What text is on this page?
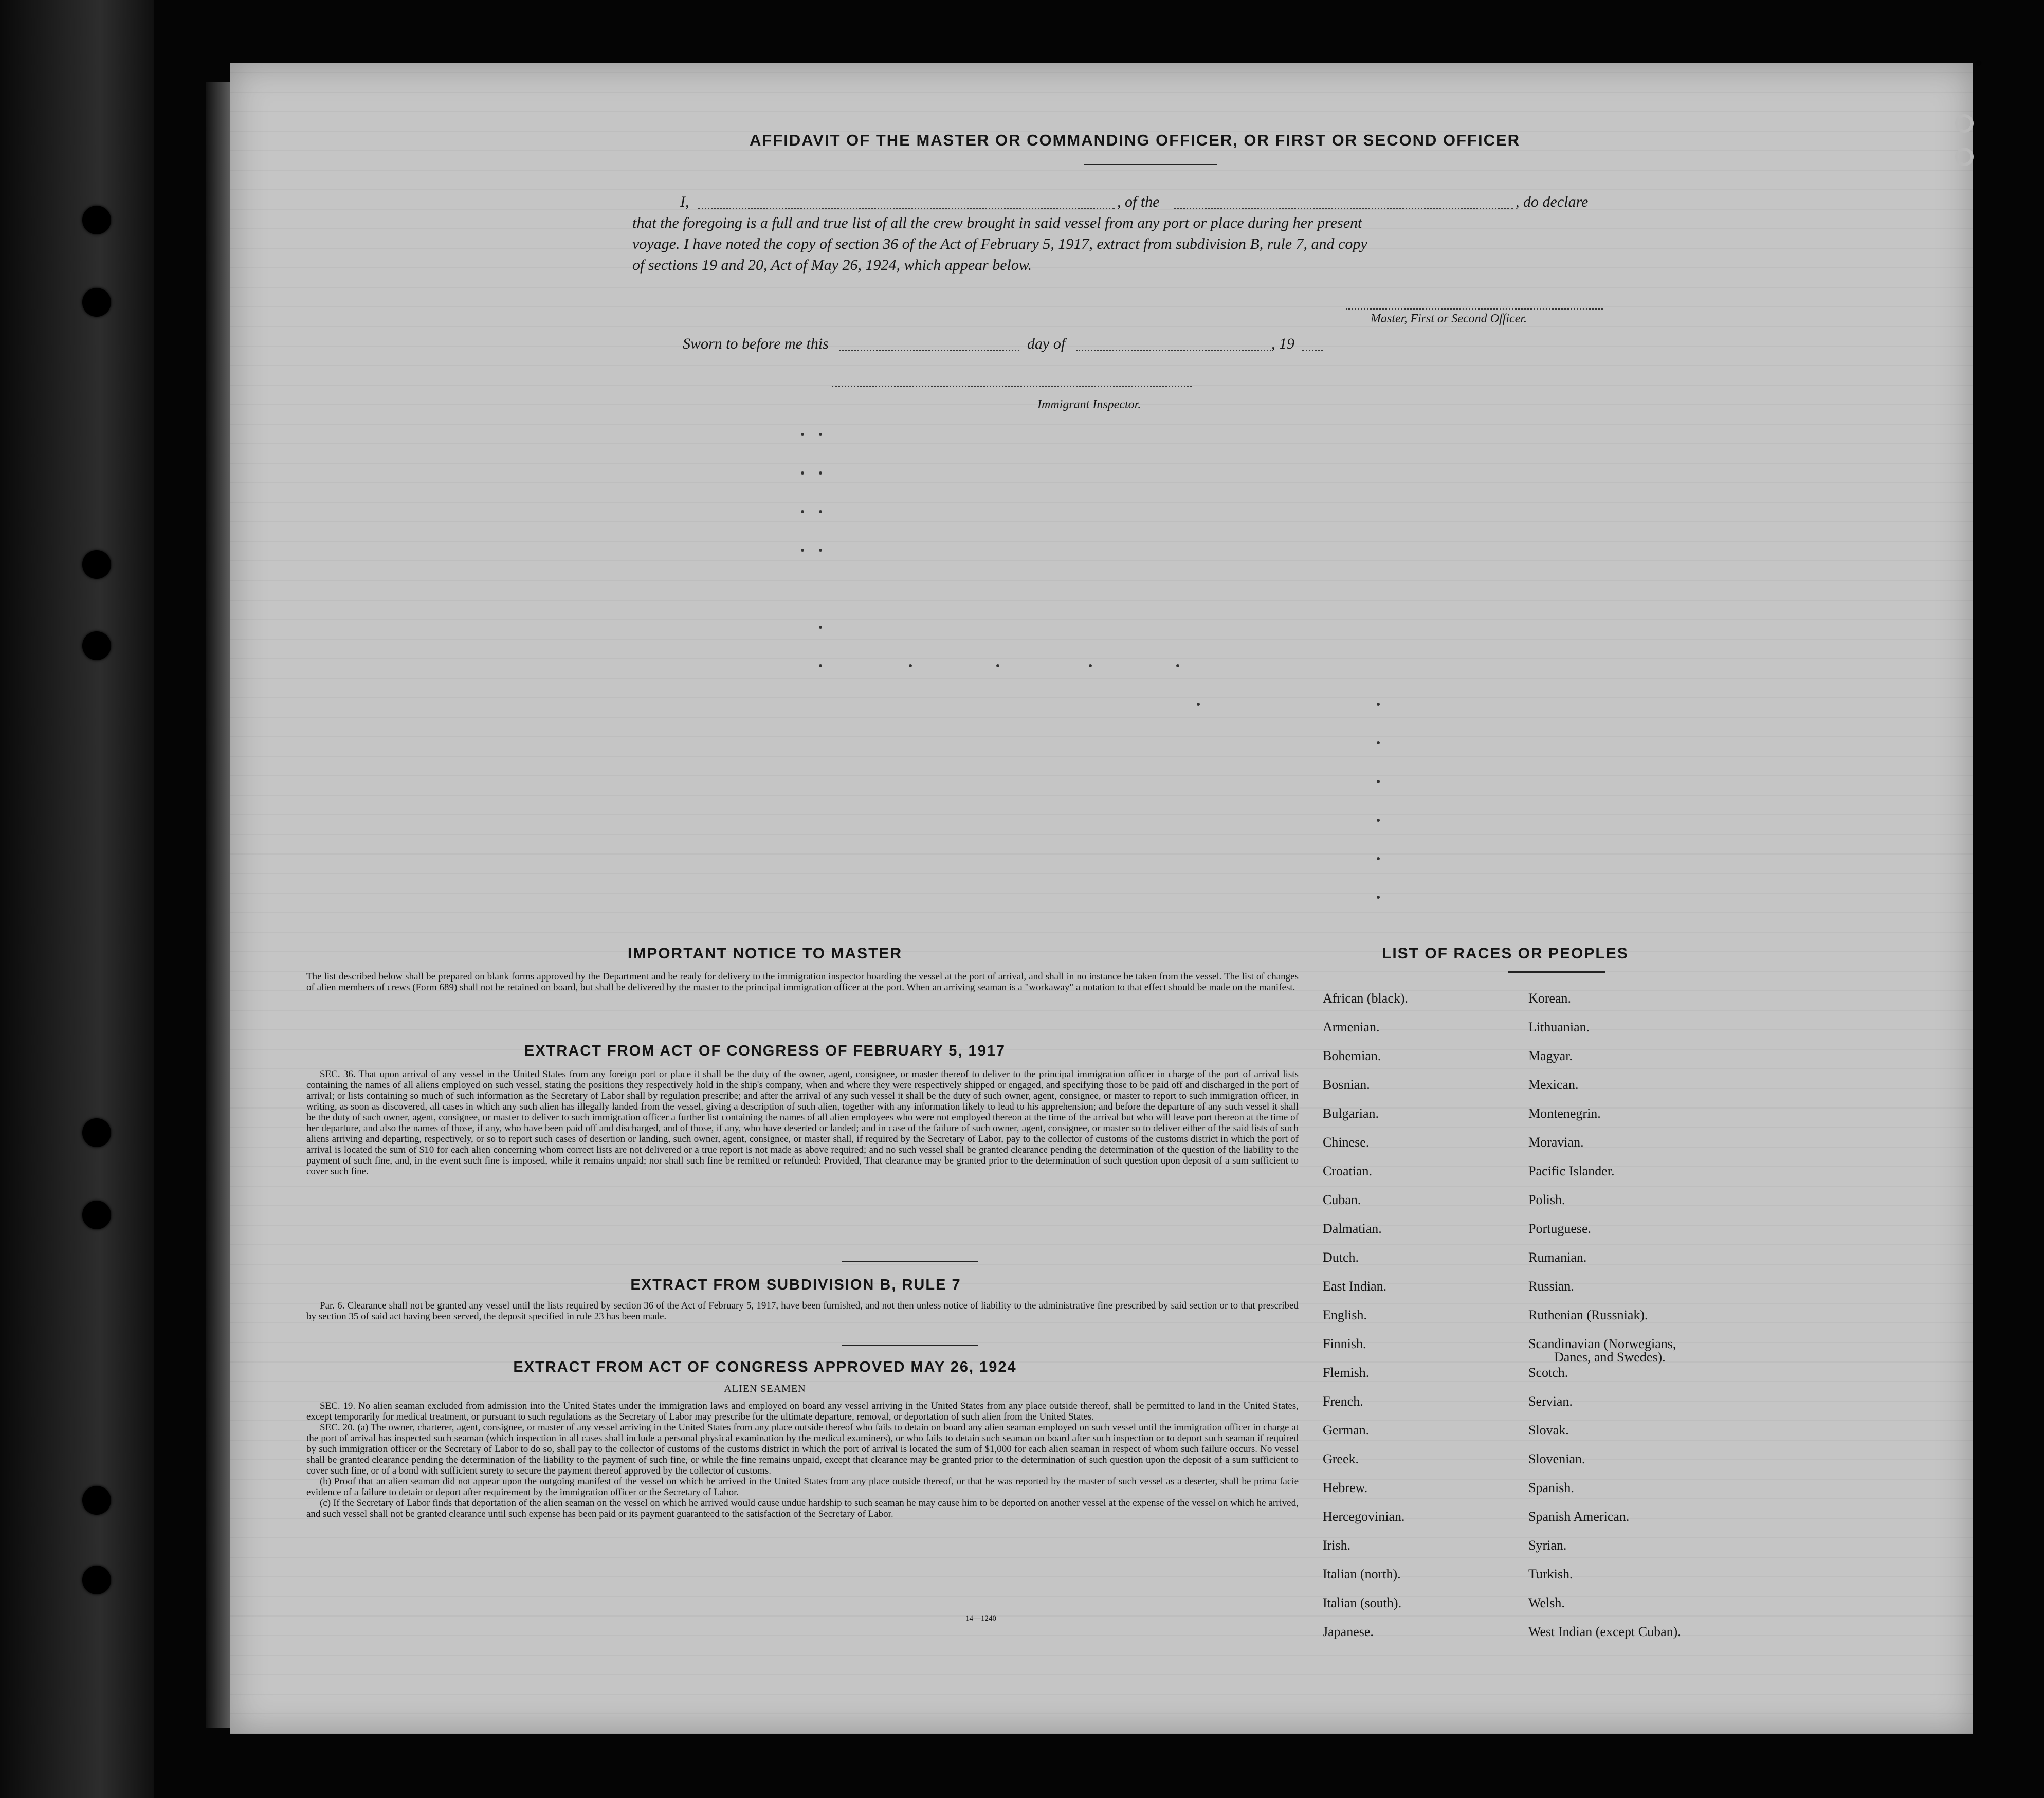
AFFIDAVIT OF THE MASTER OR COMMANDING OFFICER, OR FIRST OR SECOND OFFICER
I,	, of the	, do declare
that the foregoing is a full and true list of all the crew brought in said vessel from any port or place during her present
voyage. I have noted the copy of section 36 of the Act of February 5, 1917, extract from subdivision B, rule 7, and copy
of sections 19 and 20, Act of May 26, 1924, which appear below.
Master, First or Second Officer.
Sworn to before me this	day of	, 19
Immigrant Inspector.
IMPORTANT NOTICE TO MASTER

The list described below shall be prepared on blank forms approved by the Department and be ready for delivery to the immigration inspector boarding the vessel at the port of arrival, and shall in no instance be taken from the vessel. The list of changes of alien members of crews (Form 689) shall not be retained on board, but shall be delivered by the master to the principal immigration officer at the port. When an arriving seaman is a "workaway" a notation to that effect should be made on the manifest.

EXTRACT FROM ACT OF CONGRESS OF FEBRUARY 5, 1917

SEC. 36. That upon arrival of any vessel in the United States from any foreign port or place it shall be the duty of the owner, agent, consignee, or master thereof to deliver to the principal immigration officer in charge of the port of arrival lists containing the names of all aliens employed on such vessel, stating the positions they respectively hold in the ship's company, when and where they were respectively shipped or engaged, and specifying those to be paid off and discharged in the port of arrival; or lists containing so much of such information as the Secretary of Labor shall by regulation prescribe; and after the arrival of any such vessel it shall be the duty of such owner, agent, consignee, or master to report to such immigration officer, in writing, as soon as discovered, all cases in which any such alien has illegally landed from the vessel, giving a description of such alien, together with any information likely to lead to his apprehension; and before the departure of any such vessel it shall be the duty of such owner, agent, consignee, or master to deliver to such immigration officer a further list containing the names of all alien employees who were not employed thereon at the time of the arrival but who will leave port thereon at the time of her departure, and also the names of those, if any, who have been paid off and discharged, and of those, if any, who have deserted or landed; and in case of the failure of such owner, agent, consignee, or master so to deliver either of the said lists of such aliens arriving and departing, respectively, or so to report such cases of desertion or landing, such owner, agent, consignee, or master shall, if required by the Secretary of Labor, pay to the collector of customs of the customs district in which the port of arrival is located the sum of $10 for each alien concerning whom correct lists are not delivered or a true report is not made as above required; and no such vessel shall be granted clearance pending the determination of the question of the liability to the payment of such fine, and, in the event such fine is imposed, while it remains unpaid; nor shall such fine be remitted or refunded: Provided, That clearance may be granted prior to the determination of such question upon deposit of a sum sufficient to cover such fine.

EXTRACT FROM SUBDIVISION B, RULE 7

Par. 6. Clearance shall not be granted any vessel until the lists required by section 36 of the Act of February 5, 1917, have been furnished, and not then unless notice of liability to the administrative fine prescribed by said section or to that prescribed by section 35 of said act having been served, the deposit specified in rule 23 has been made.

EXTRACT FROM ACT OF CONGRESS APPROVED MAY 26, 1924
ALIEN SEAMEN

SEC. 19. No alien seaman excluded from admission into the United States under the immigration laws and employed on board any vessel arriving in the United States from any place outside thereof, shall be permitted to land in the United States, except temporarily for medical treatment, or pursuant to such regulations as the Secretary of Labor may prescribe for the ultimate departure, removal, or deportation of such alien from the United States.

SEC. 20. (a) The owner, charterer, agent, consignee, or master of any vessel arriving in the United States from any place outside thereof who fails to detain on board any alien seaman employed on such vessel until the immigration officer in charge at the port of arrival has inspected such seaman (which inspection in all cases shall include a personal physical examination by the medical examiners), or who fails to detain such seaman on board after such inspection or to deport such seaman if required by such immigration officer or the Secretary of Labor to do so, shall pay to the collector of customs of the customs district in which the port of arrival is located the sum of $1,000 for each alien seaman in respect of whom such failure occurs. No vessel shall be granted clearance pending the determination of the liability to the payment of such fine, or while the fine remains unpaid, except that clearance may be granted prior to the determination of such question upon the deposit of a sum sufficient to cover such fine, or of a bond with sufficient surety to secure the payment thereof approved by the collector of customs.

(b) Proof that an alien seaman did not appear upon the outgoing manifest of the vessel on which he arrived in the United States from any place outside thereof, or that he was reported by the master of such vessel as a deserter, shall be prima facie evidence of a failure to detain or deport after requirement by the immigration officer or the Secretary of Labor.

(c) If the Secretary of Labor finds that deportation of the alien seaman on the vessel on which he arrived would cause undue hardship to such seaman he may cause him to be deported on another vessel at the expense of the vessel on which he arrived, and such vessel shall not be granted clearance until such expense has been paid or its payment guaranteed to the satisfaction of the Secretary of Labor.

14—1240
LIST OF RACES OR PEOPLES
African (black).	Korean.
Armenian.	Lithuanian.
Bohemian.	Magyar.
Bosnian.	Mexican.
Bulgarian.	Montenegrin.
Chinese.	Moravian.
Croatian.	Pacific Islander.
Cuban.	Polish.
Dalmatian.	Portuguese.
Dutch.	Rumanian.
East Indian.	Russian.
English.	Ruthenian (Russniak).
Finnish.	Scandinavian (Norwegians,

Danes, and Swedes).

Flemish.	Scotch.
French.	Servian.
German.	Slovak.
Greek.	Slovenian.
Hebrew.	Spanish.
Hercegovinian.	Spanish American.
Irish.	Syrian.
Italian (north).	Turkish.
Italian (south).	Welsh.
Japanese.	West Indian (except Cuban).
